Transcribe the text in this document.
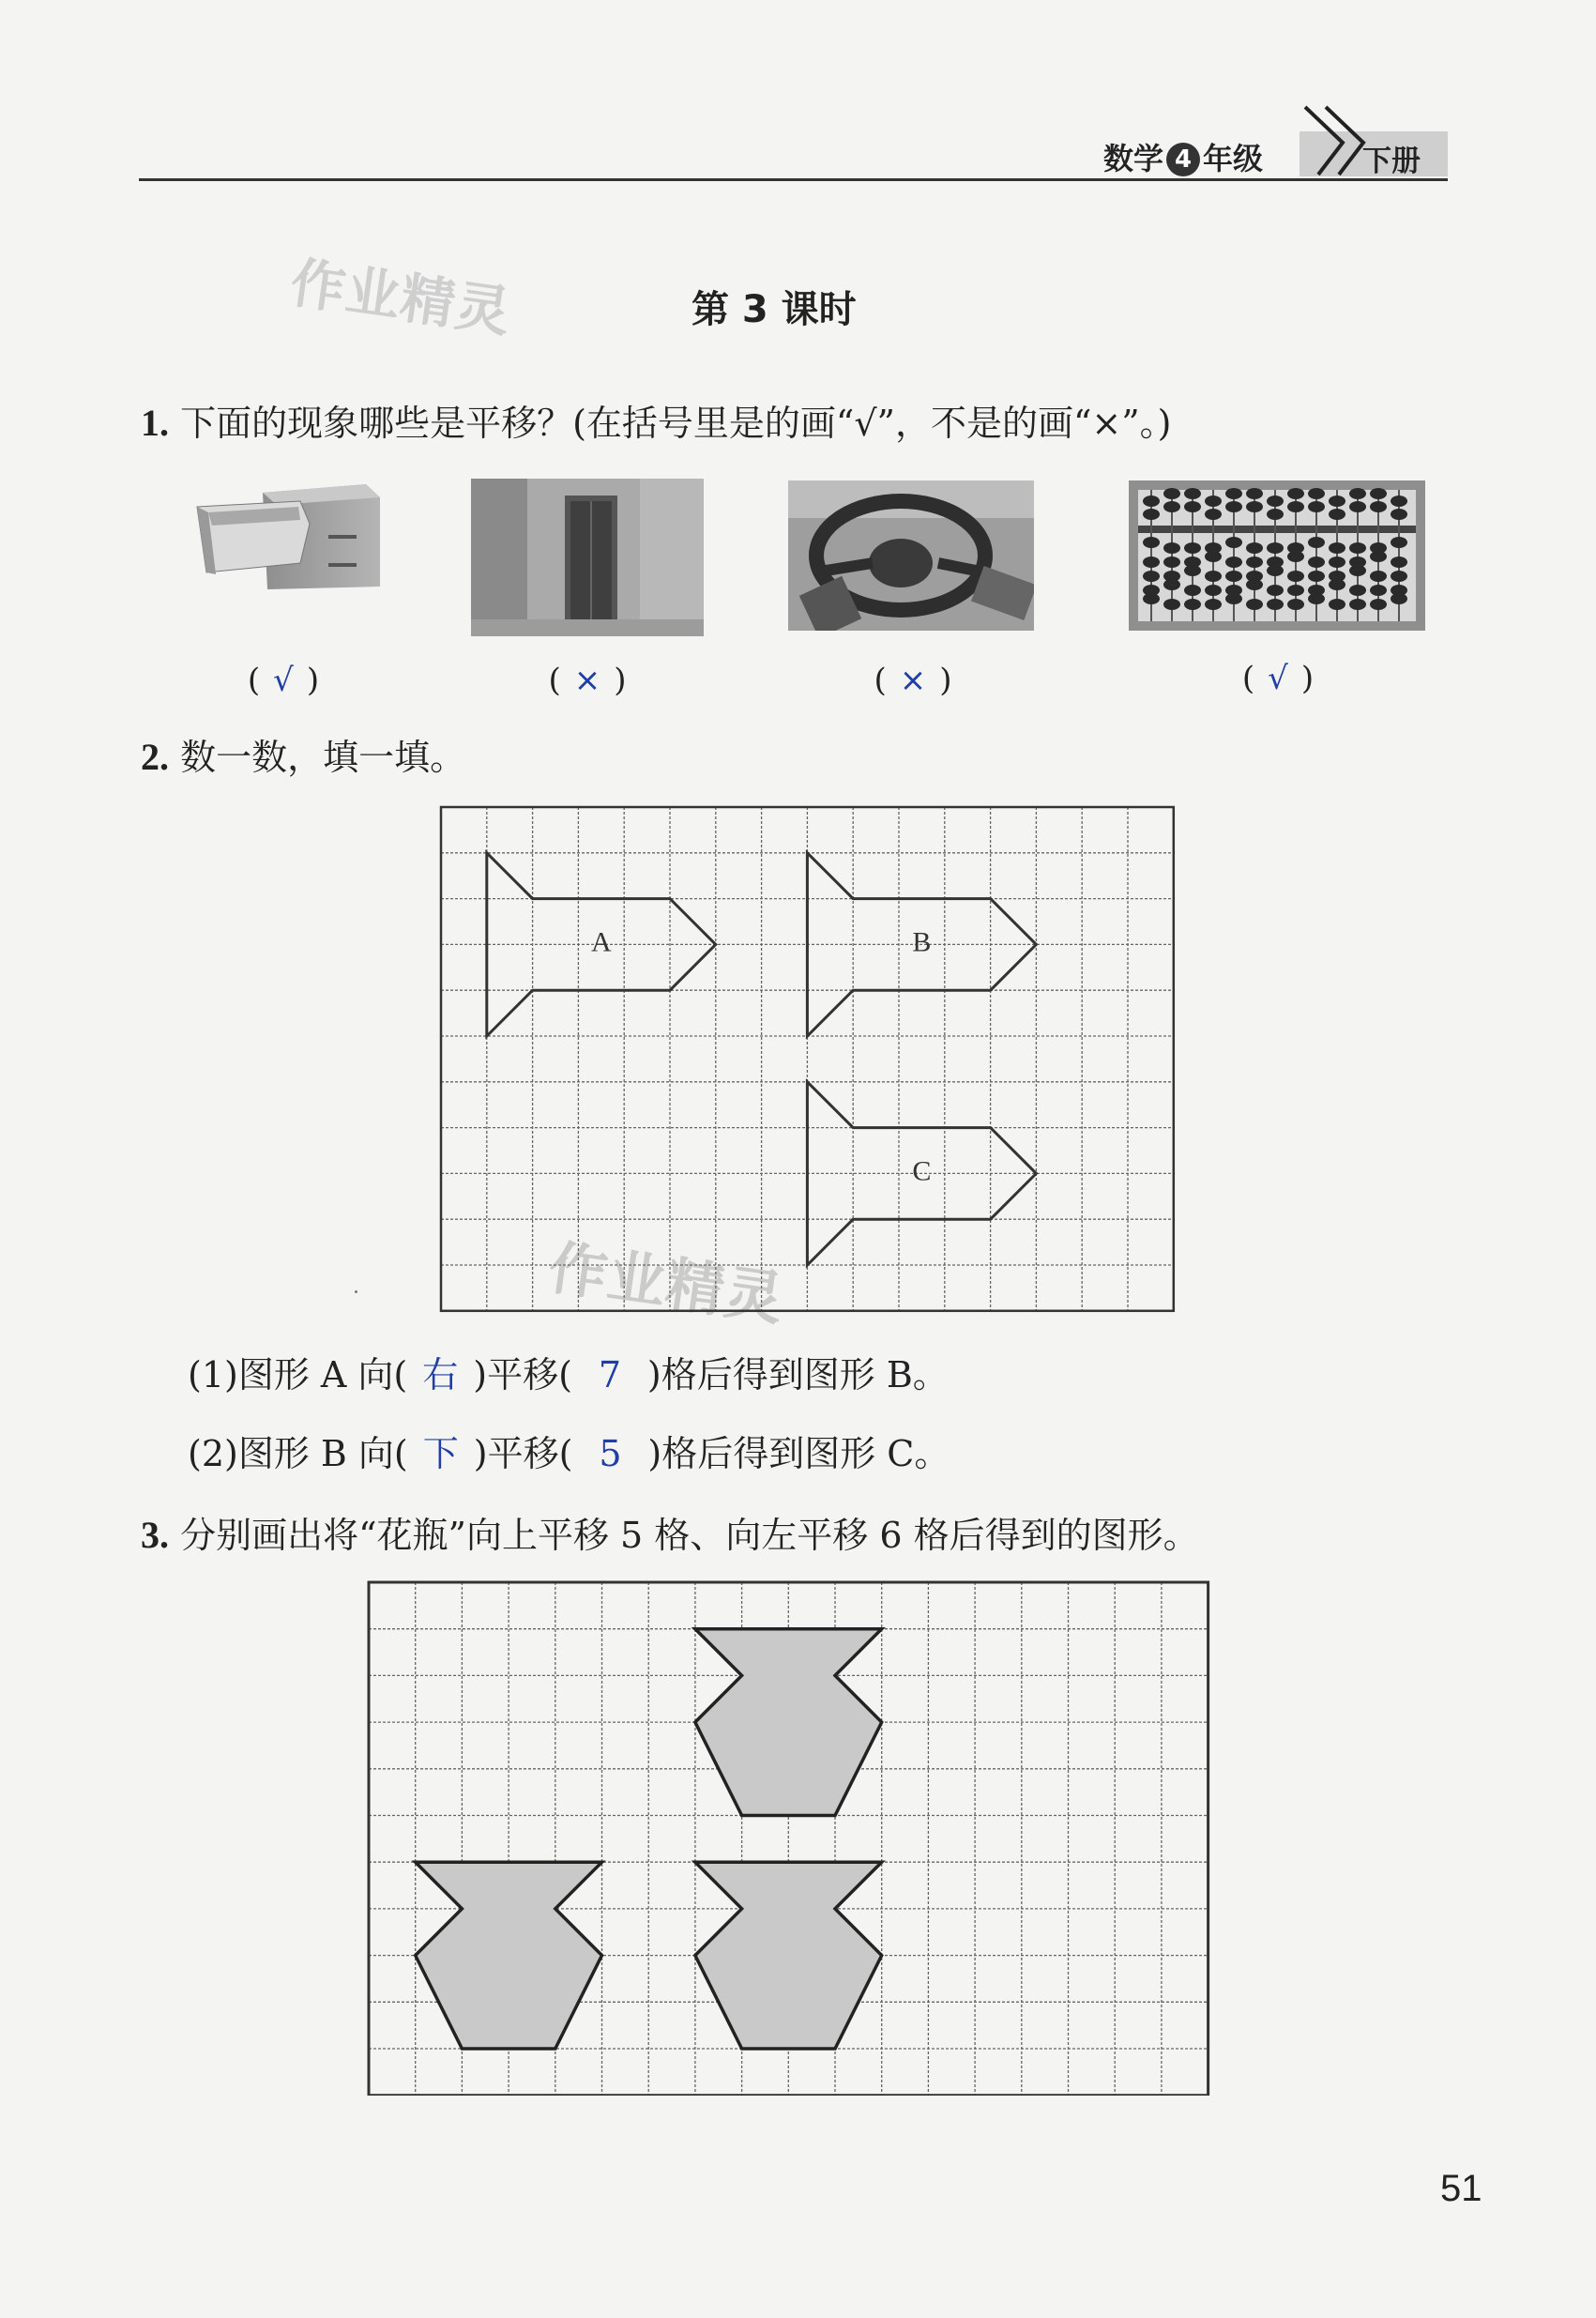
数学 4 年级	下册
作业精灵
作业精灵
第 3 课时
1. 下面的现象哪些是平移？(在括号里是的画“√”，不是的画“×”。)
( √ )	( × )	( × )	( √ )
2. 数一数，填一填。
A	B
C
(1)图形 A 向( 右 )平移( 7 )格后得到图形 B。
(2)图形 B 向( 下 )平移( 5 )格后得到图形 C。
3. 分别画出将“花瓶”向上平移 5 格、向左平移 6 格后得到的图形。
51
